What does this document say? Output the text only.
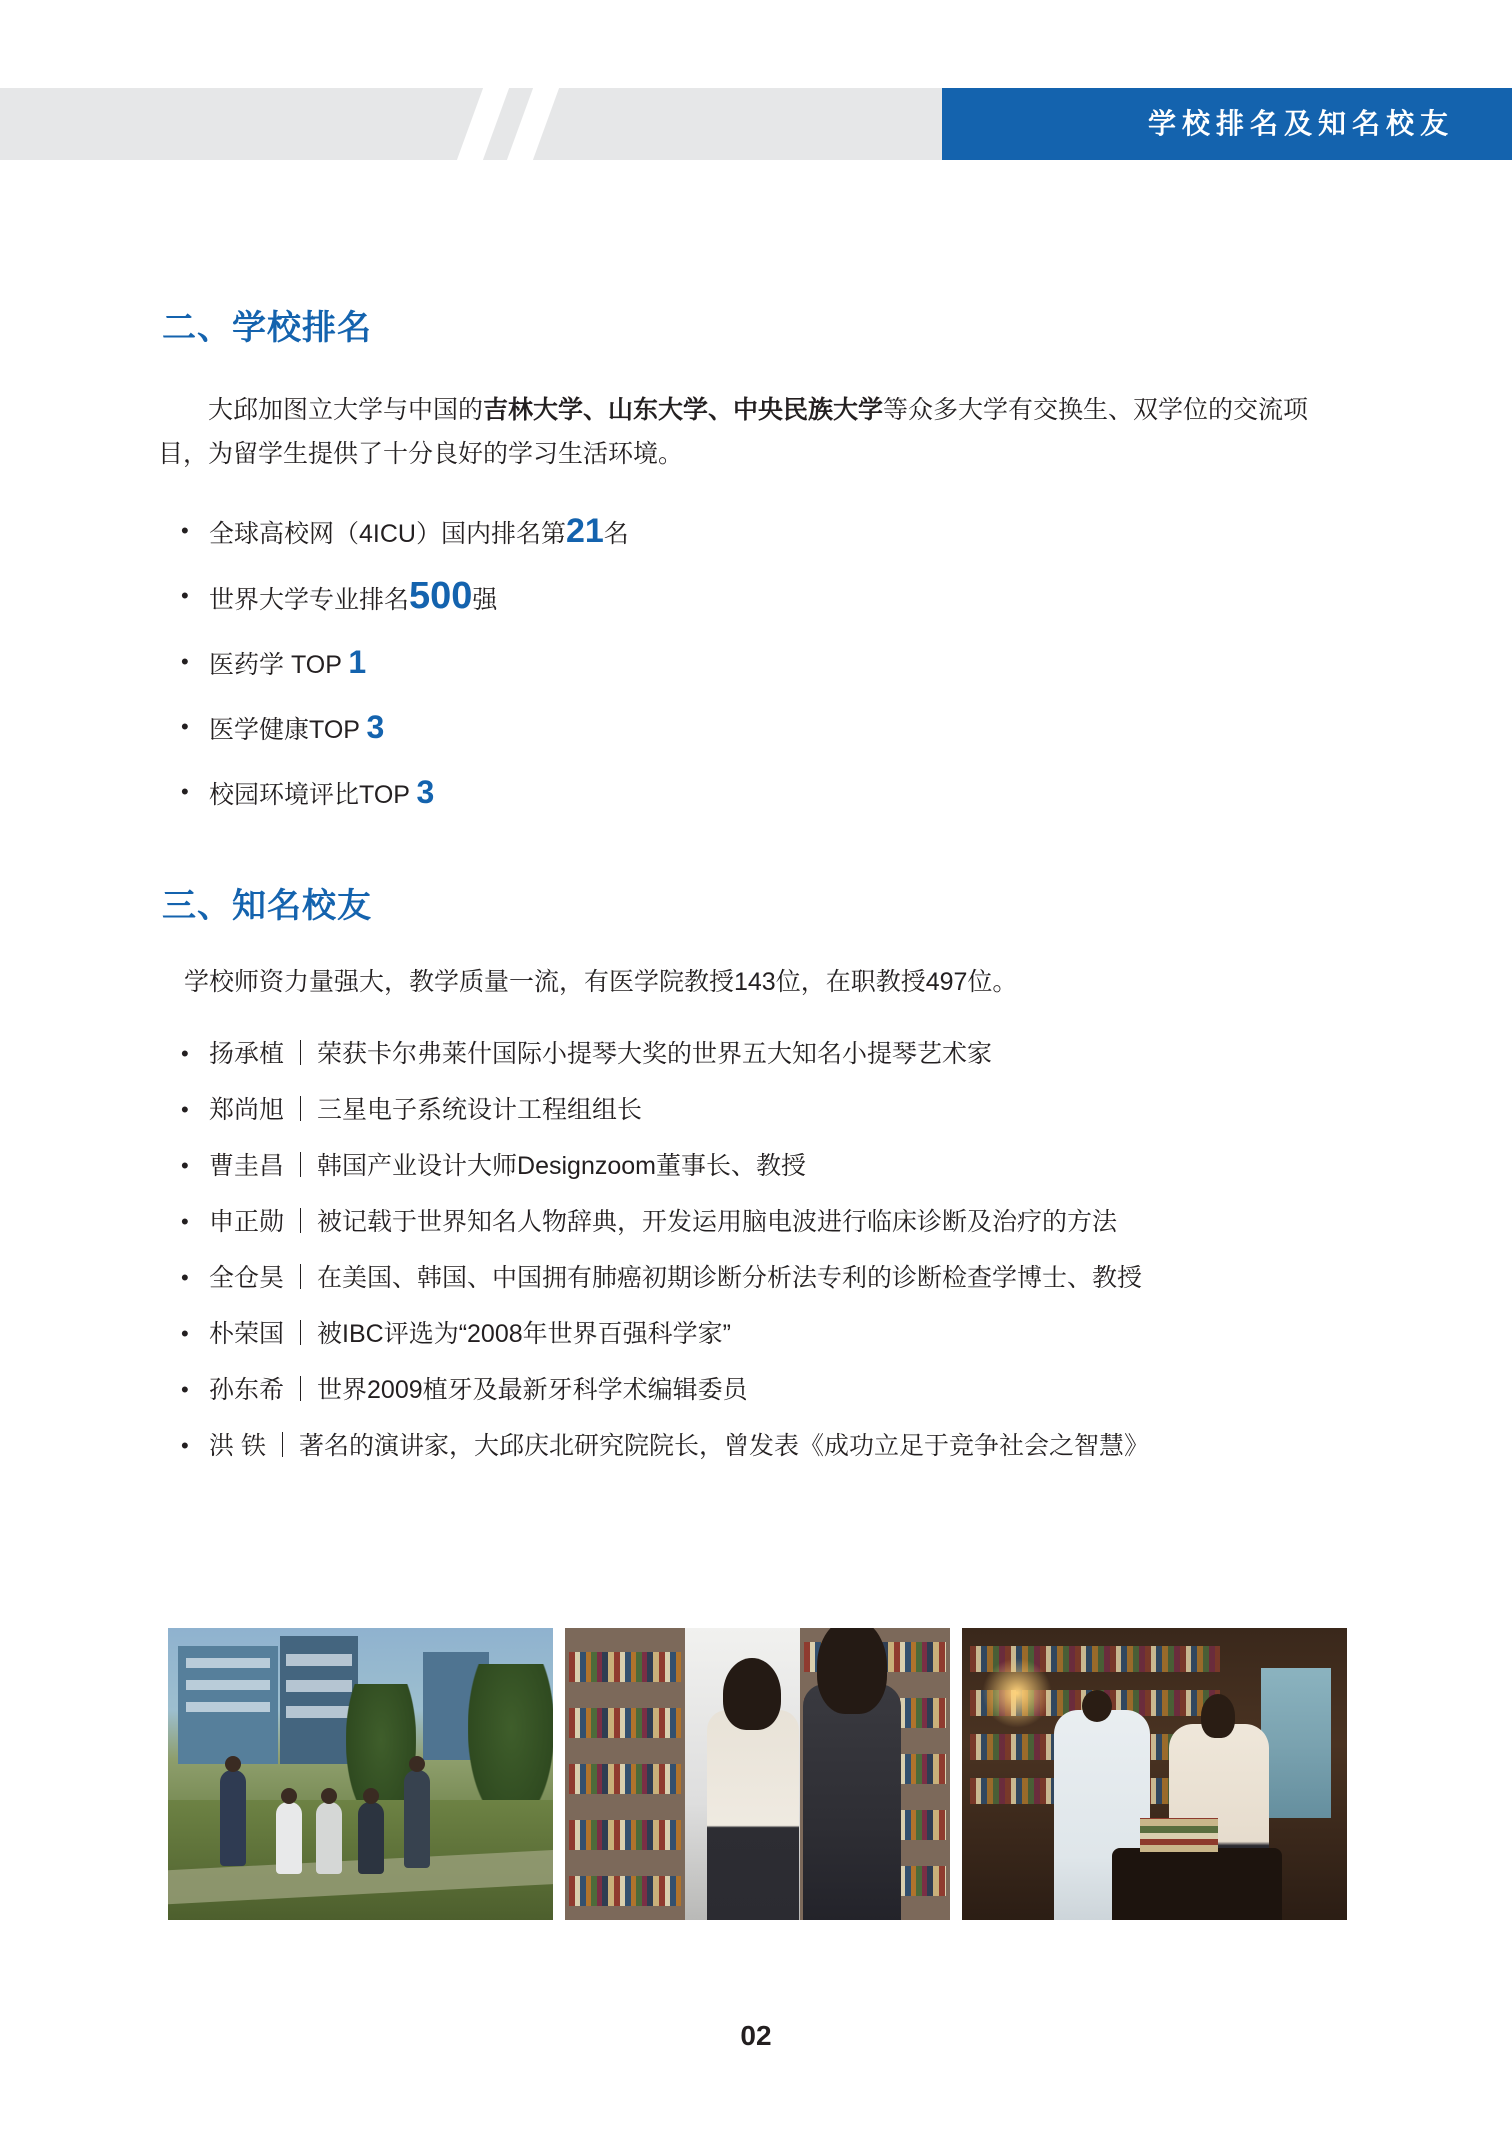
学校排名及知名校友
二、学校排名
大邱加图立大学与中国的吉林大学、山东大学、中央民族大学等众多大学有交换生、双学位的交流项目，为留学生提供了十分良好的学习生活环境。
• 全球高校网（4ICU）国内排名第21名
• 世界大学专业排名500强
• 医药学 TOP 1
• 医学健康TOP 3
• 校园环境评比TOP 3
三、知名校友
学校师资力量强大，教学质量一流，有医学院教授143位，在职教授497位。
• 扬承植 ｜ 荣获卡尔弗莱什国际小提琴大奖的世界五大知名小提琴艺术家
• 郑尚旭 ｜ 三星电子系统设计工程组组长
• 曹圭昌 ｜ 韩国产业设计大师Designzoom董事长、教授
• 申正勋 ｜ 被记载于世界知名人物辞典，开发运用脑电波进行临床诊断及治疗的方法
• 全仓昊 ｜ 在美国、韩国、中国拥有肺癌初期诊断分析法专利的诊断检查学博士、教授
• 朴荣国 ｜ 被IBC评选为“2008年世界百强科学家”
• 孙东希 ｜ 世界2009植牙及最新牙科学术编辑委员
• 洪 铁 ｜ 著名的演讲家，大邱庆北研究院院长，曾发表《成功立足于竞争社会之智慧》
02
